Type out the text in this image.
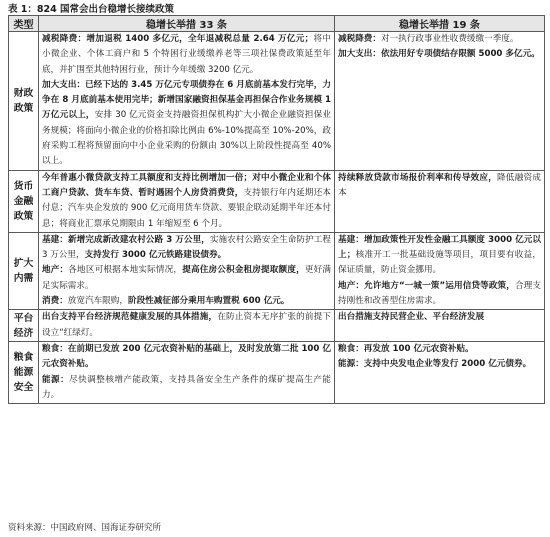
表 1：824 国常会出台稳增长接续政策
类型	稳增长举措 33 条	稳增长举措 19 条
财政
政策	减税降费：增加退税 1400 多亿元，全年退减税总量 2.64 万亿元；将中小微企业、个体工商户和 5 个特困行业缓缴养老等三项社保费政策延至年底，并扩围至其他特困行业，预计今年缓缴 3200 亿元。
加大支出：已经下达的 3.45 万亿元专项债券在 6 月底前基本发行完毕，力争在 8 月底前基本使用完毕；新增国家融资担保基金再担保合作业务规模 1 万亿元以上，安排 30 亿元资金支持融资担保机构扩大小微企业融资担保业务规模；将面向小微企业的价格扣除比例由 6%-10%提高至 10%-20%，政府采购工程将预留面向中小企业采购的份额由 30%以上阶段性提高至 40%以上。	减税降费：对一执行政事业性收费缓缴一季度。
加大支出：依法用好专项债结存限额 5000 多亿元。

货币
金融
政策	今年普惠小微贷款支持工具额度和支持比例增加一倍；对中小微企业和个体工商户贷款、货车车贷、暂时遇困个人房贷消费贷，支持银行年内延期还本付息；汽车央企发放的 900 亿元商用货车贷款、要银企联动延期半年还本付息；将商业汇票承兑期限由 1 年缩短至 6 个月。	持续释放贷款市场报价利率和传导效应，降低融资成本

扩大
内需	基建：新增完成新改建农村公路 3 万公里，实施农村公路安全生命防护工程 3 万公里，支持发行 3000 亿元铁路建设债券。
地产：各地区可根据本地实际情况，提高住房公积金租房提取额度，更好满足实际需求。
消费：放宽汽车限购，阶段性减征部分乘用车购置税 600 亿元。	基建：增加政策性开发性金融工具额度 3000 亿元以上；核准开工一批基础设施等项目，项目要有收益，保证质量，防止资金挪用。
地产：允许地方“一城一策”运用信贷等政策，合理支持刚性和改善型住房需求。

平台
经济	出台支持平台经济规范健康发展的具体措施，在防止资本无序扩张的前提下设立“红绿灯。	出台措施支持民营企业、平台经济发展

粮食
能源
安全	粮食：在前期已发放 200 亿元农资补贴的基础上，及时发放第二批 100 亿元农资补贴。
能源：尽快调整核增产能政策，支持具备安全生产条件的煤矿提高生产能力。	粮食：再发放 100 亿元农资补贴。
能源：支持中央发电企业等发行 2000 亿元债券。
资料来源：中国政府网、国海证券研究所
